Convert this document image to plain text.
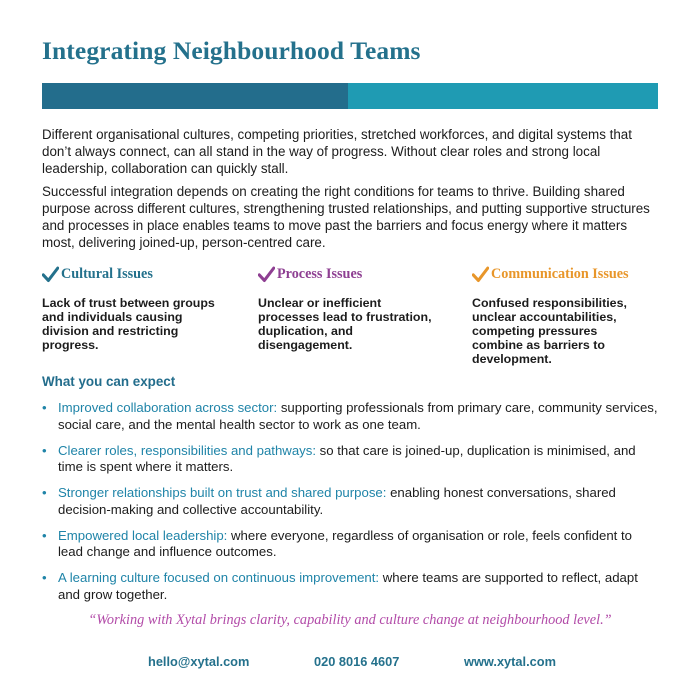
Integrating Neighbourhood Teams

Different organisational cultures, competing priorities, stretched workforces, and digital systems that don’t always connect, can all stand in the way of progress. Without clear roles and strong local leadership, collaboration can quickly stall.

Successful integration depends on creating the right conditions for teams to thrive. Building shared purpose across different cultures, strengthening trusted relationships, and putting supportive structures and processes in place enables teams to move past the barriers and focus energy where it matters most, delivering joined-up, person-centred care.

Cultural Issues

Lack of trust between groups and individuals causing division and restricting progress.

Process Issues

Unclear or inefficient processes lead to frustration, duplication, and disengagement.

Communication Issues

Confused responsibilities, unclear accountabilities, competing pressures combine as barriers to development.

What you can expect
• Improved collaboration across sector: supporting professionals from primary care, community services, social care, and the mental health sector to work as one team.
• Clearer roles, responsibilities and pathways: so that care is joined-up, duplication is minimised, and time is spent where it matters.
• Stronger relationships built on trust and shared purpose: enabling honest conversations, shared decision-making and collective accountability.
• Empowered local leadership: where everyone, regardless of organisation or role, feels confident to lead change and influence outcomes.
• A learning culture focused on continuous improvement: where teams are supported to reflect, adapt and grow together.

“Working with Xytal brings clarity, capability and culture change at neighbourhood level.”

hello@xytal.com	020 8016 4607	www.xytal.com
